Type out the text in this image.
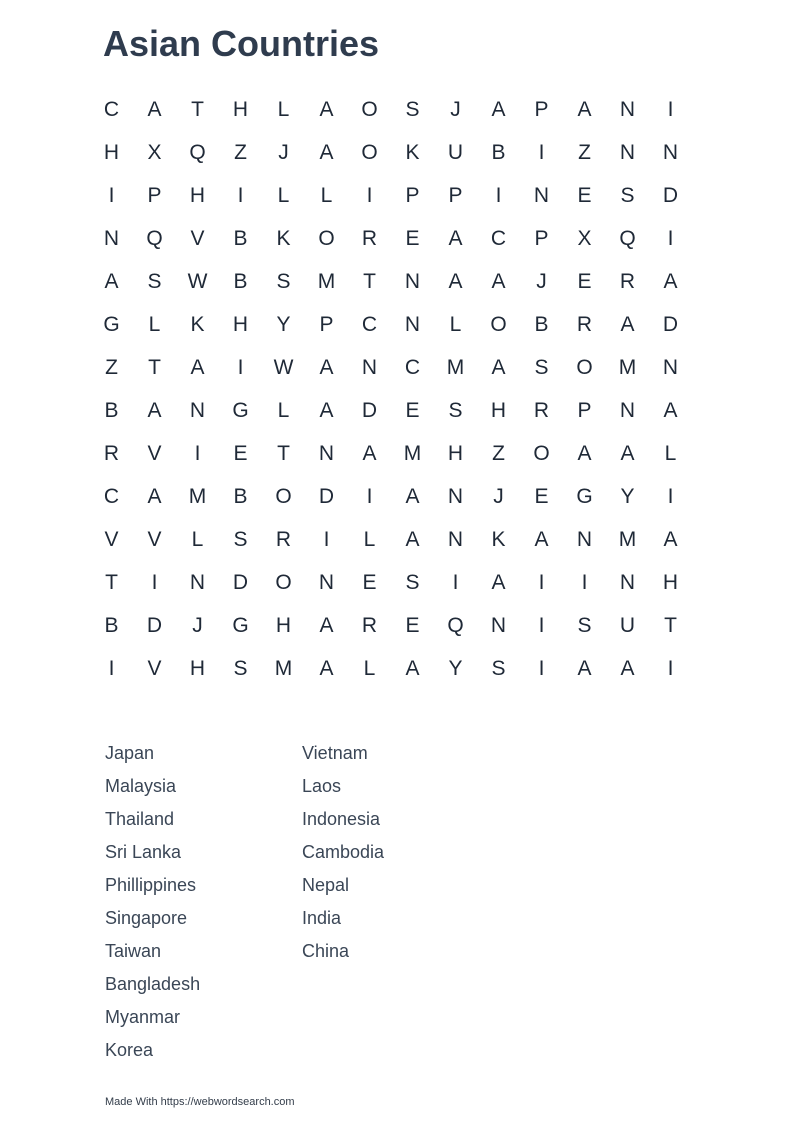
Asian Countries
C	A	T	H	L	A	O	S	J	A	P	A	N	I
H	X	Q	Z	J	A	O	K	U	B	I	Z	N	N
I	P	H	I	L	L	I	P	P	I	N	E	S	D
N	Q	V	B	K	O	R	E	A	C	P	X	Q	I
A	S	W	B	S	M	T	N	A	A	J	E	R	A
G	L	K	H	Y	P	C	N	L	O	B	R	A	D
Z	T	A	I	W	A	N	C	M	A	S	O	M	N
B	A	N	G	L	A	D	E	S	H	R	P	N	A
R	V	I	E	T	N	A	M	H	Z	O	A	A	L
C	A	M	B	O	D	I	A	N	J	E	G	Y	I
V	V	L	S	R	I	L	A	N	K	A	N	M	A
T	I	N	D	O	N	E	S	I	A	I	I	N	H
B	D	J	G	H	A	R	E	Q	N	I	S	U	T
I	V	H	S	M	A	L	A	Y	S	I	A	A	I
Japan
Malaysia
Thailand
Sri Lanka
Phillippines
Singapore
Taiwan
Bangladesh
Myanmar
Korea
Vietnam
Laos
Indonesia
Cambodia
Nepal
India
China
Made With https://webwordsearch.com
